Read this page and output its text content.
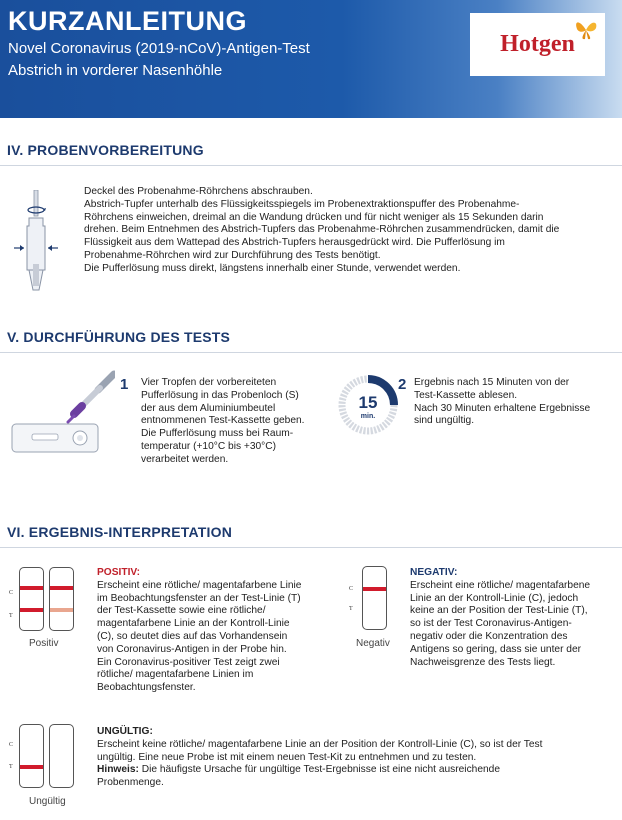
KURZANLEITUNG
Novel Coronavirus (2019-nCoV)-Antigen-Test
Abstrich in vorderer Nasenhöhle
Hotgen
IV. PROBENVORBEREITUNG
Deckel des Probenahme-Röhrchens abschrauben.
Abstrich-Tupfer unterhalb des Flüssigkeitsspiegels im Probenextraktionspuffer des Probenahme-
Röhrchens einweichen, dreimal an die Wandung drücken und für nicht weniger als 15 Sekunden darin
drehen. Beim Entnehmen des Abstrich-Tupfers das Probenahme-Röhrchen zusammendrücken, damit die
Flüssigkeit aus dem Wattepad des Abstrich-Tupfers herausgedrückt wird. Die Pufferlösung im
Probenahme-Röhrchen wird zur Durchführung des Tests benötigt.
Die Pufferlösung muss direkt, längstens innerhalb einer Stunde, verwendet werden.
V. DURCHFÜHRUNG DES TESTS
1 Vier Tropfen der vorbereiteten
Pufferlösung in das Probenloch (S)
der aus dem Aluminiumbeutel
entnommenen Test-Kassette geben.
Die Pufferlösung muss bei Raum-
temperatur (+10°C bis +30°C)
verarbeitet werden.
15
min.
2 Ergebnis nach 15 Minuten von der
Test-Kassette ablesen.
Nach 30 Minuten erhaltene Ergebnisse
sind ungültig.
VI. ERGEBNIS-INTERPRETATION
C
T
Positiv
POSITIV:
Erscheint eine rötliche/ magentafarbene Linie
im Beobachtungsfenster an der Test-Linie (T)
der Test-Kassette sowie eine rötliche/
magentafarbene Linie an der Kontroll-Linie
(C), so deutet dies auf das Vorhandensein
von Coronavirus-Antigen in der Probe hin.
Ein Coronavirus-positiver Test zeigt zwei
rötliche/ magentafarbene Linien im
Beobachtungsfenster.
C
T
Negativ
NEGATIV:
Erscheint eine rötliche/ magentafarbene
Linie an der Kontroll-Linie (C), jedoch
keine an der Position der Test-Linie (T),
so ist der Test Coronavirus-Antigen-
negativ oder die Konzentration des
Antigens so gering, dass sie unter der
Nachweisgrenze des Tests liegt.
C
T
Ungültig
UNGÜLTIG:
Erscheint keine rötliche/ magentafarbene Linie an der Position der Kontroll-Linie (C), so ist der Test
ungültig. Eine neue Probe ist mit einem neuen Test-Kit zu entnehmen und zu testen.
Hinweis: Die häufigste Ursache für ungültige Test-Ergebnisse ist eine nicht ausreichende
Probenmenge.
